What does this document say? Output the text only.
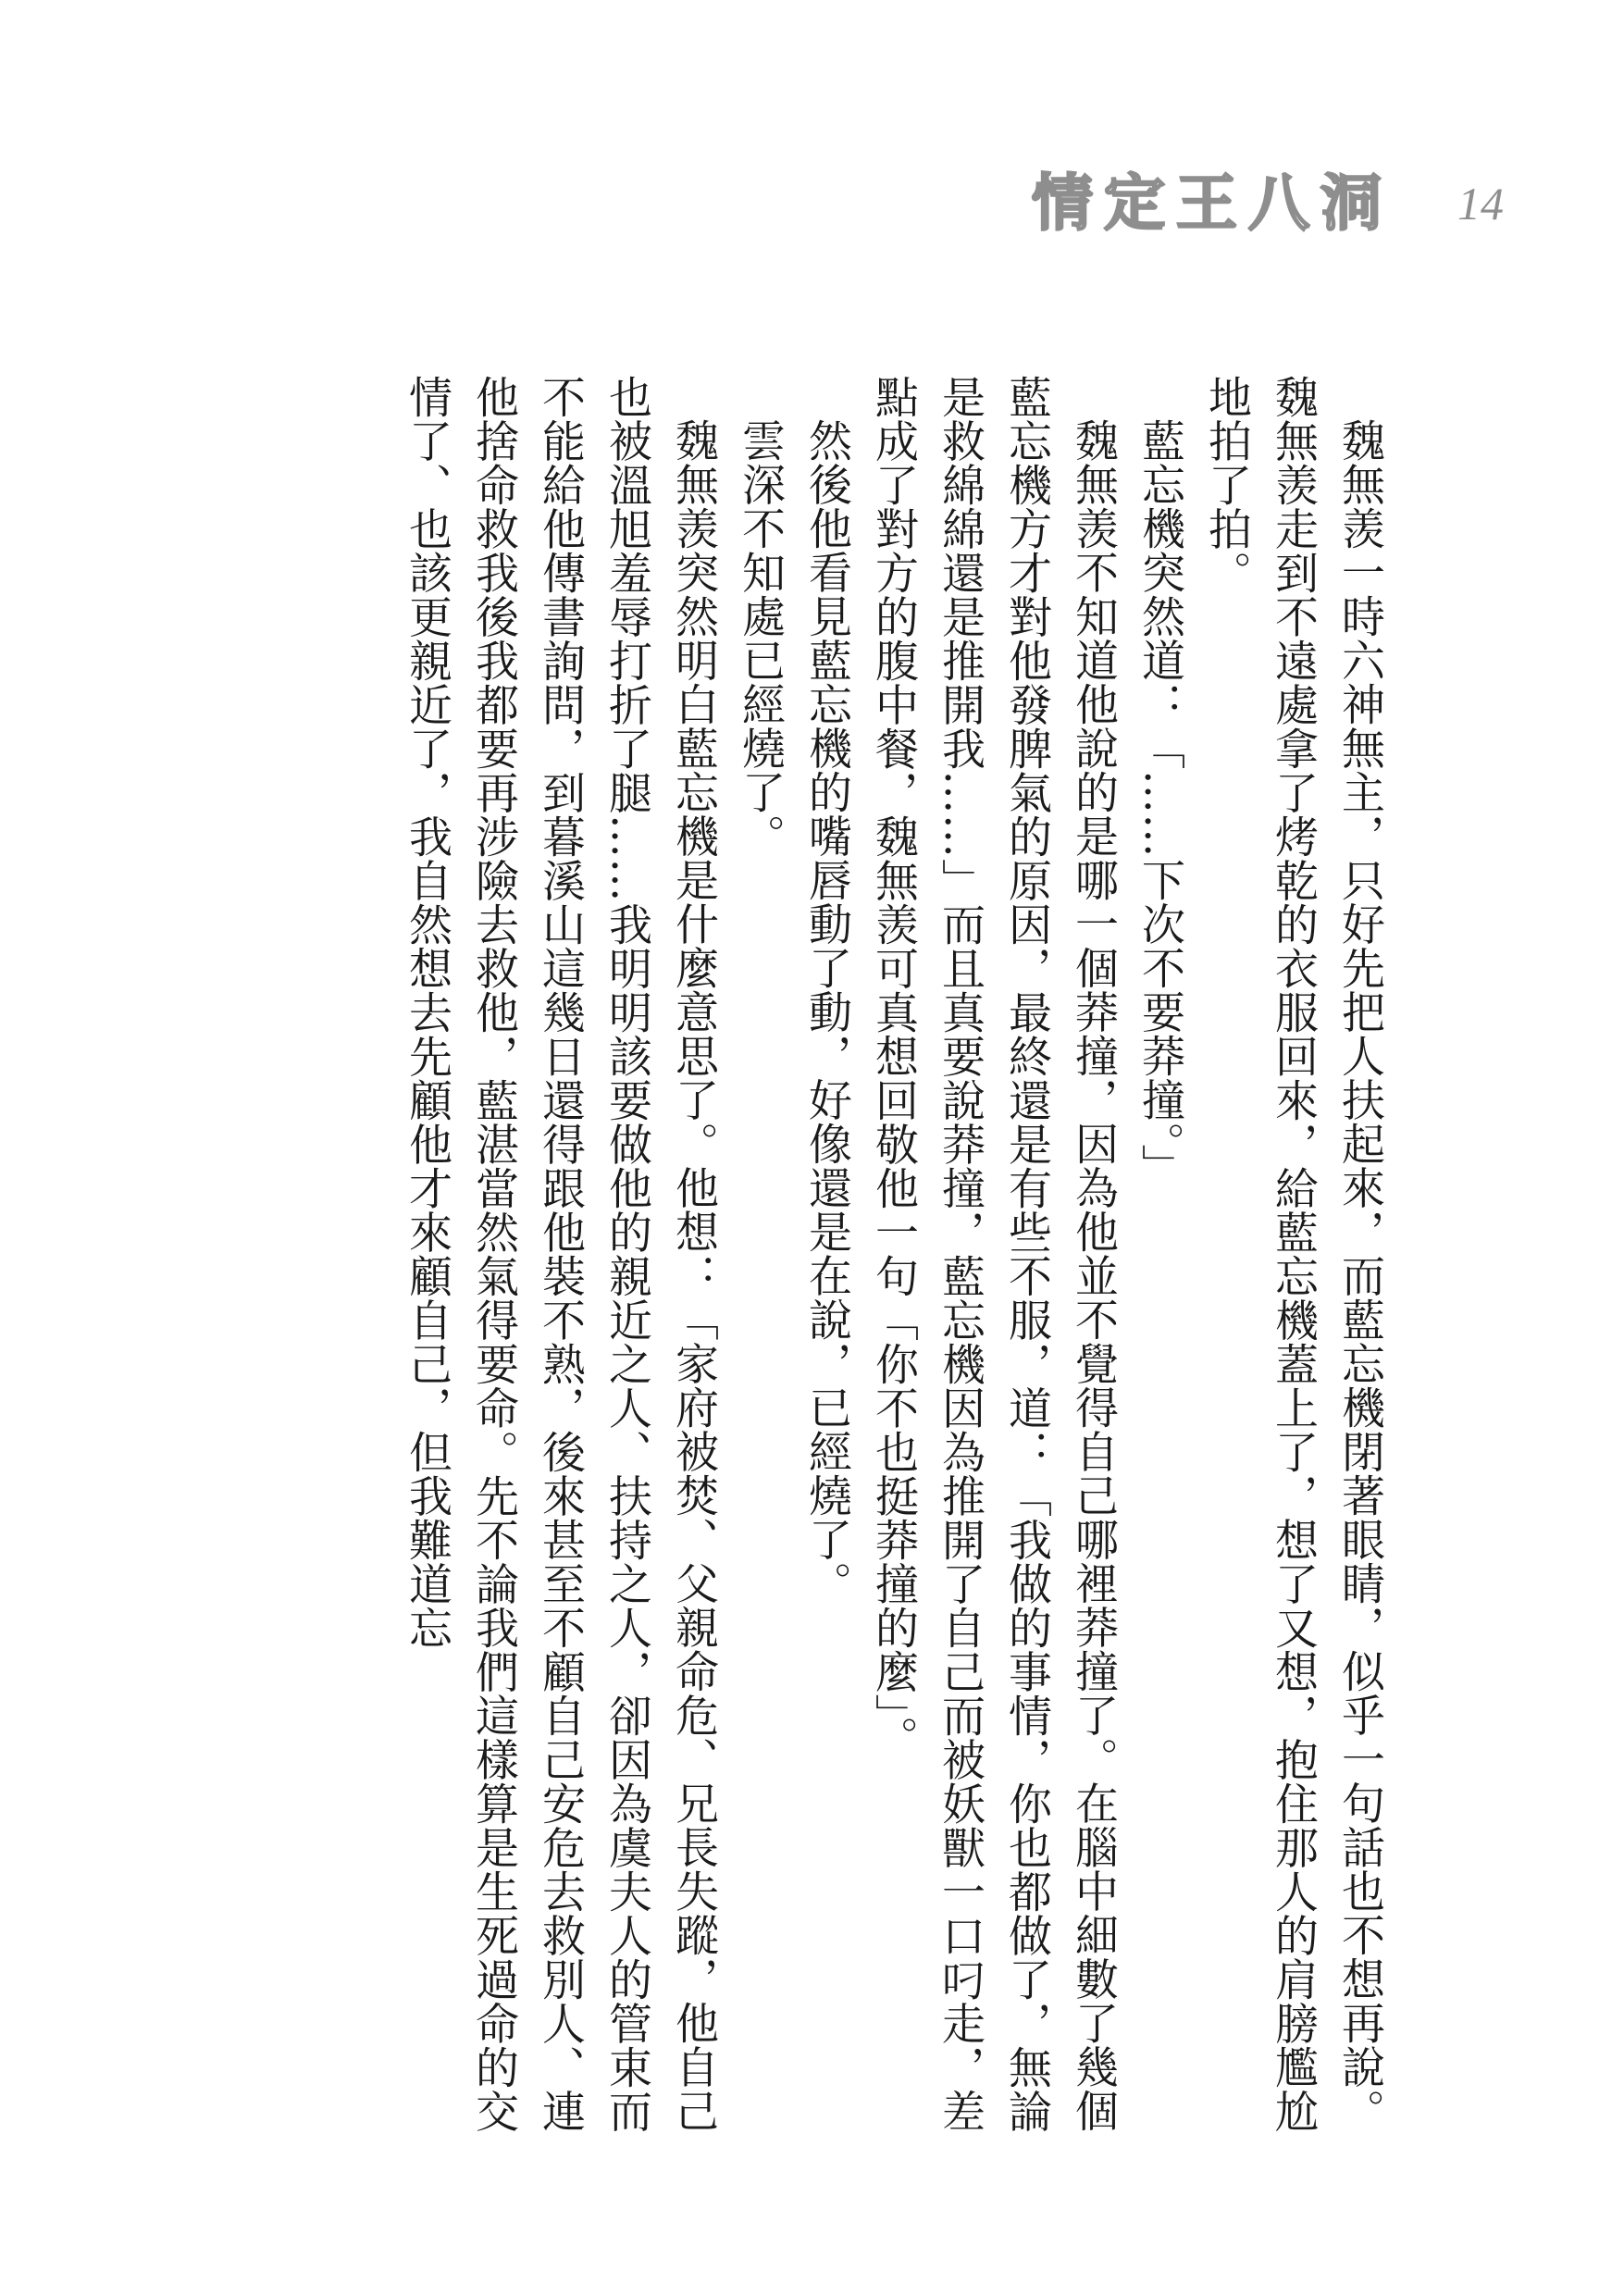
情定王八洞 14

魏無羡一時六神無主，只好先把人扶起來，而藍忘機閉著眼睛，似乎一句話也不想再說。魏無羡走到不遠處拿了烤乾的衣服回來，給藍忘機蓋上了，想了又想，抱住那人的肩膀尷尬地拍了拍。

藍忘機突然道：「……下次不要莽撞。」

魏無羡不知道他說的是哪一個莽撞，因為他並不覺得自己哪裡莽撞了。在腦中細數了幾個藍忘機方才對他發脾氣的原因，最終還是有些不服，道：「我做的事情，你也都做了，無論是救綿綿還是推開我……」而且真要說莽撞，藍忘機因為推開了自己而被妖獸一口叼走，差點成了對方的腹中餐，魏無羡可真想回敬他一句「你不也挺莽撞的麼」。

然後他看見藍忘機的嘴唇動了動，好像還是在說，已經燒了。

雲深不知處已經燒了。

魏無羡突然明白藍忘機是什麼意思了。他想：「家府被焚、父親命危、兄長失蹤，他自己也被溫旭羞辱打折了腿……我明明該要做他的親近之人、扶持之人，卻因為虞夫人的管束而不能給他傳書詢問，到暮溪山這幾日還得跟他裝不熟，後來甚至不顧自己安危去救別人、連他捨命救我後我都要再涉險去救他，藍湛當然氣得要命。先不論我們這樣算是生死過命的交情了、也該更親近了，我自然想去先顧他才來顧自己，但我難道忘
